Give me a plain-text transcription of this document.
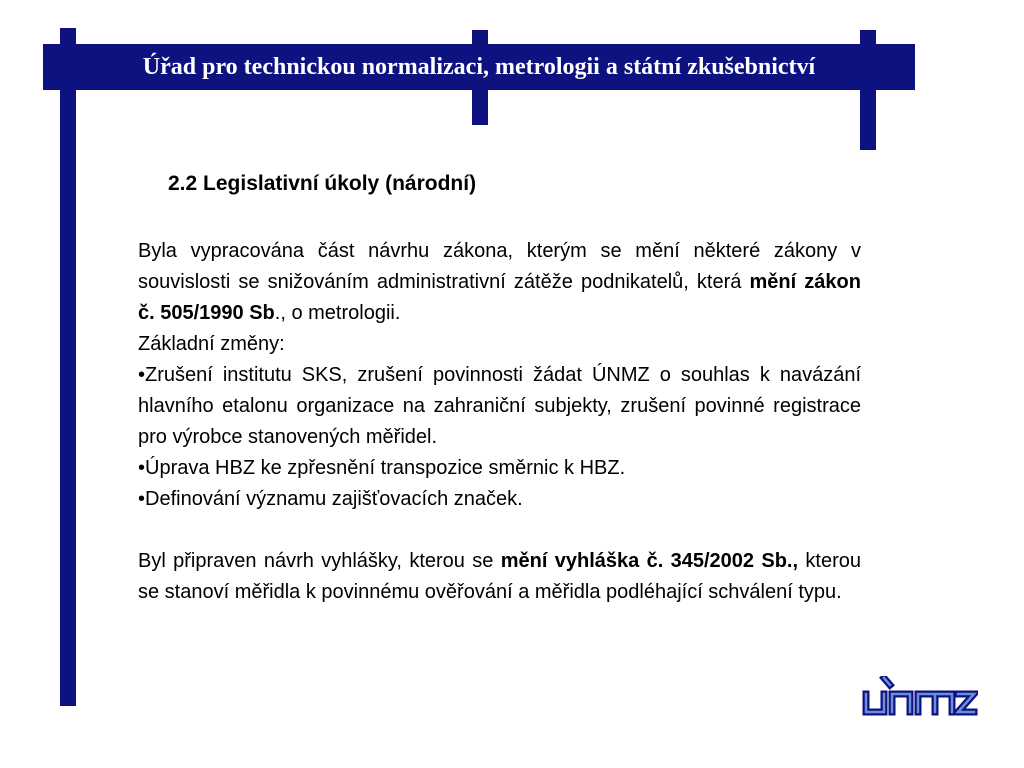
Úřad pro technickou normalizaci, metrologii a státní zkušebnictví
2.2 Legislativní úkoly (národní)

Byla vypracována část návrhu zákona, kterým se mění některé zákony v souvislosti se snižováním administrativní zátěže podnikatelů, která mění zákon č. 505/1990 Sb., o metrologii.

Základní změny:

•Zrušení institutu SKS, zrušení povinnosti žádat ÚNMZ o souhlas k navázání hlavního etalonu organizace na zahraniční subjekty, zrušení povinné registrace pro výrobce stanovených měřidel.

•Úprava HBZ ke zpřesnění transpozice směrnic k HBZ.

•Definování významu zajišťovacích značek.

Byl připraven návrh vyhlášky, kterou se mění vyhláška č. 345/2002 Sb., kterou se stanoví měřidla k povinnému ověřování a měřidla podléhající schválení typu.
